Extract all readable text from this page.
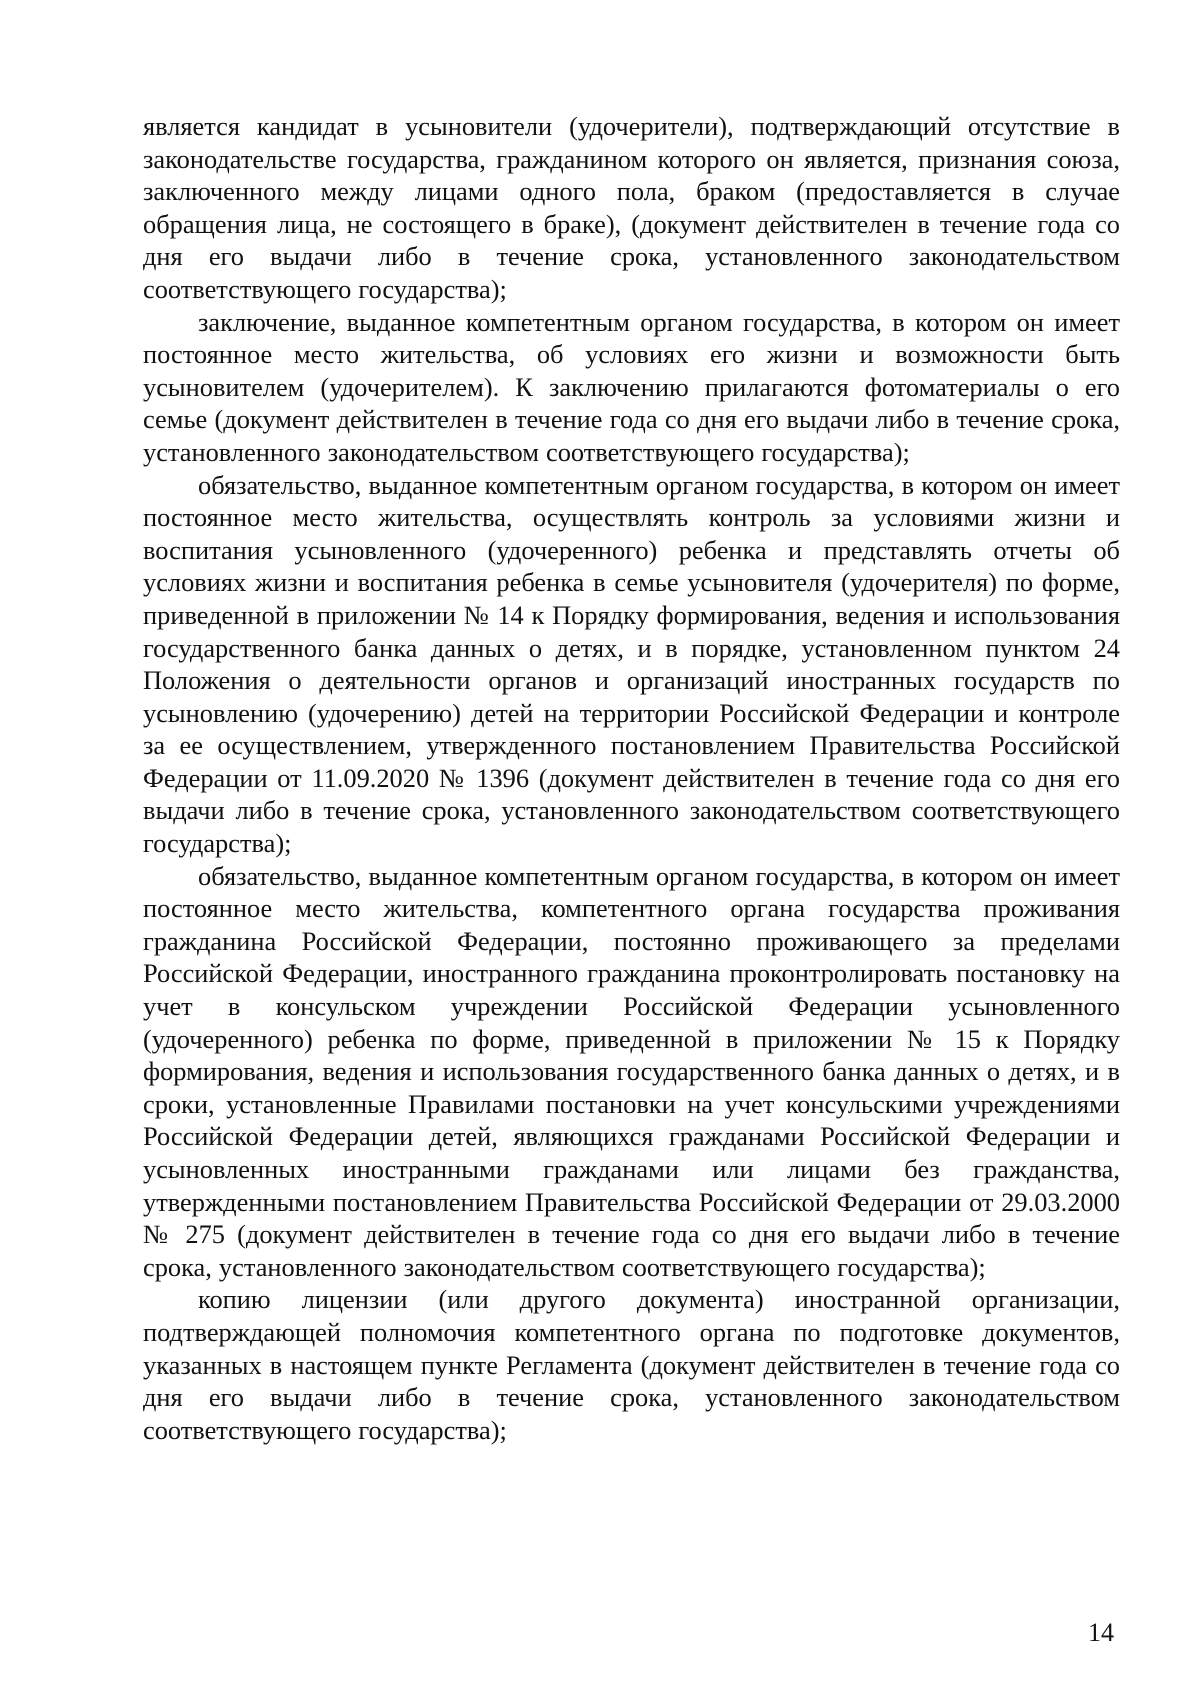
является кандидат в усыновители (удочерители), подтверждающий отсутствие в законодательстве государства, гражданином которого он является, признания союза, заключенного между лицами одного пола, браком (предоставляется в случае обращения лица, не состоящего в браке), (документ действителен в течение года со дня его выдачи либо в течение срока, установленного законодательством соответствующего государства);

заключение, выданное компетентным органом государства, в котором он имеет постоянное место жительства, об условиях его жизни и возможности быть усыновителем (удочерителем). К заключению прилагаются фотоматериалы о его семье (документ действителен в течение года со дня его выдачи либо в течение срока, установленного законодательством соответствующего государства);

обязательство, выданное компетентным органом государства, в котором он имеет постоянное место жительства, осуществлять контроль за условиями жизни и воспитания усыновленного (удочеренного) ребенка и представлять отчеты об условиях жизни и воспитания ребенка в семье усыновителя (удочерителя) по форме, приведенной в приложении № 14 к Порядку формирования, ведения и использования государственного банка данных о детях, и в порядке, установленном пунктом 24 Положения о деятельности органов и организаций иностранных государств по усыновлению (удочерению) детей на территории Российской Федерации и контроле за ее осуществлением, утвержденного постановлением Правительства Российской Федерации от 11.09.2020 № 1396 (документ действителен в течение года со дня его выдачи либо в течение срока, установленного законодательством соответствующего государства);

обязательство, выданное компетентным органом государства, в котором он имеет постоянное место жительства, компетентного органа государства проживания гражданина Российской Федерации, постоянно проживающего за пределами Российской Федерации, иностранного гражданина проконтролировать постановку на учет в консульском учреждении Российской Федерации усыновленного (удочеренного) ребенка по форме, приведенной в приложении № 15 к Порядку формирования, ведения и использования государственного банка данных о детях, и в сроки, установленные Правилами постановки на учет консульскими учреждениями Российской Федерации детей, являющихся гражданами Российской Федерации и усыновленных иностранными гражданами или лицами без гражданства, утвержденными постановлением Правительства Российской Федерации от 29.03.2000 № 275 (документ действителен в течение года со дня его выдачи либо в течение срока, установленного законодательством соответствующего государства);

копию лицензии (или другого документа) иностранной организации, подтверждающей полномочия компетентного органа по подготовке документов, указанных в настоящем пункте Регламента (документ действителен в течение года со дня его выдачи либо в течение срока, установленного законодательством соответствующего государства);

14
